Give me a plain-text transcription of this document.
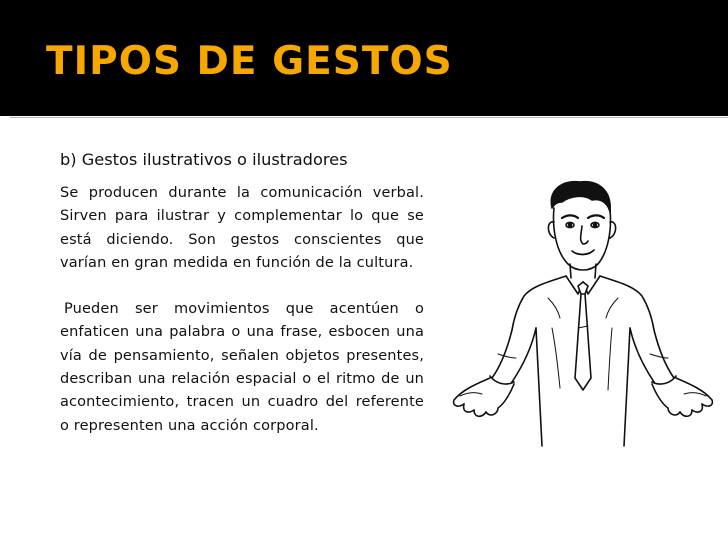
TIPOS DE GESTOS
b) Gestos ilustrativos o ilustradores

Se producen durante la comunicación verbal. Sirven para ilustrar y complementar lo que se está diciendo. Son gestos conscientes que varían en gran medida en función de la cultura.

Pueden ser movimientos que acentúen o enfaticen una palabra o una frase, esbocen una vía de pensamiento, señalen objetos presentes, describan una relación espacial o el ritmo de un acontecimiento, tracen un cuadro del referente o representen una acción corporal.
